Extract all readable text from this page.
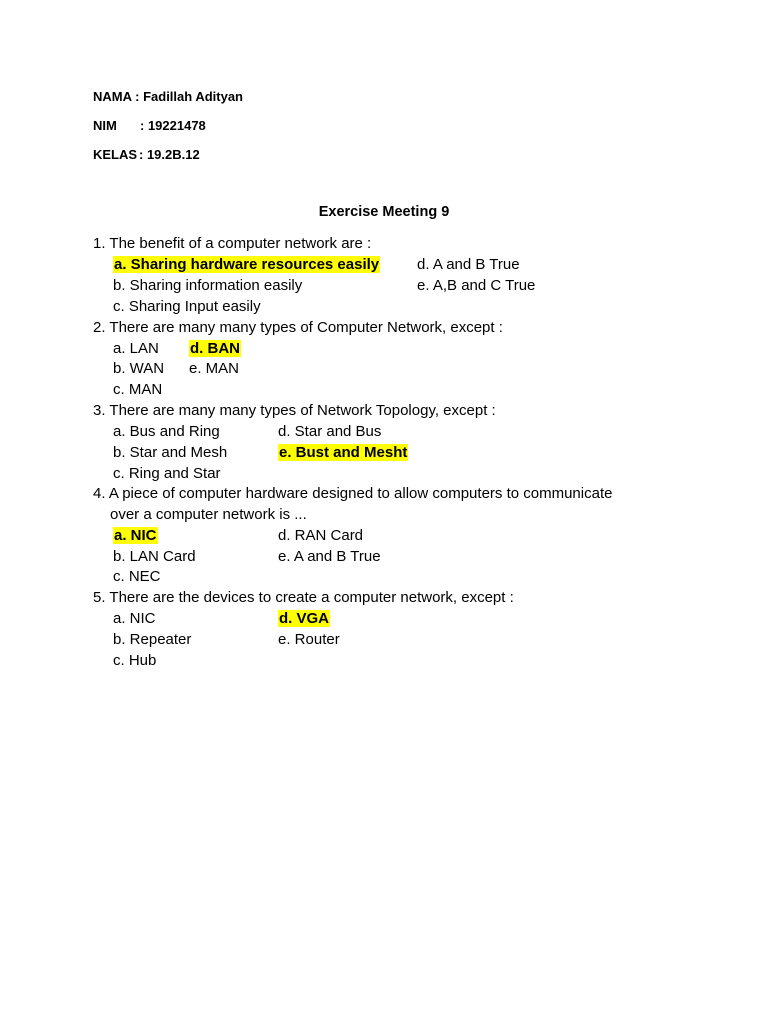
NAMA : Fadillah Adityan
NIM : 19221478
KELAS : 19.2B.12
Exercise Meeting 9
1. The benefit of a computer network are :
a. Sharing hardware resources easily	d. A and B True
b. Sharing information easily	e. A,B and C True
c. Sharing Input easily
2. There are many many types of Computer Network, except :
a. LAN d. BAN
b. WAN e. MAN
c. MAN
3. There are many many types of Network Topology, except :
a. Bus and Ring	d. Star and Bus
b. Star and Mesh	e. Bust and Mesht
c. Ring and Star
4. A piece of computer hardware designed to allow computers to communicate
over a computer network is ...
a. NIC	d. RAN Card
b. LAN Card	e. A and B True
c. NEC
5. There are the devices to create a computer network, except :
a. NIC	d. VGA
b. Repeater	e. Router
c. Hub
